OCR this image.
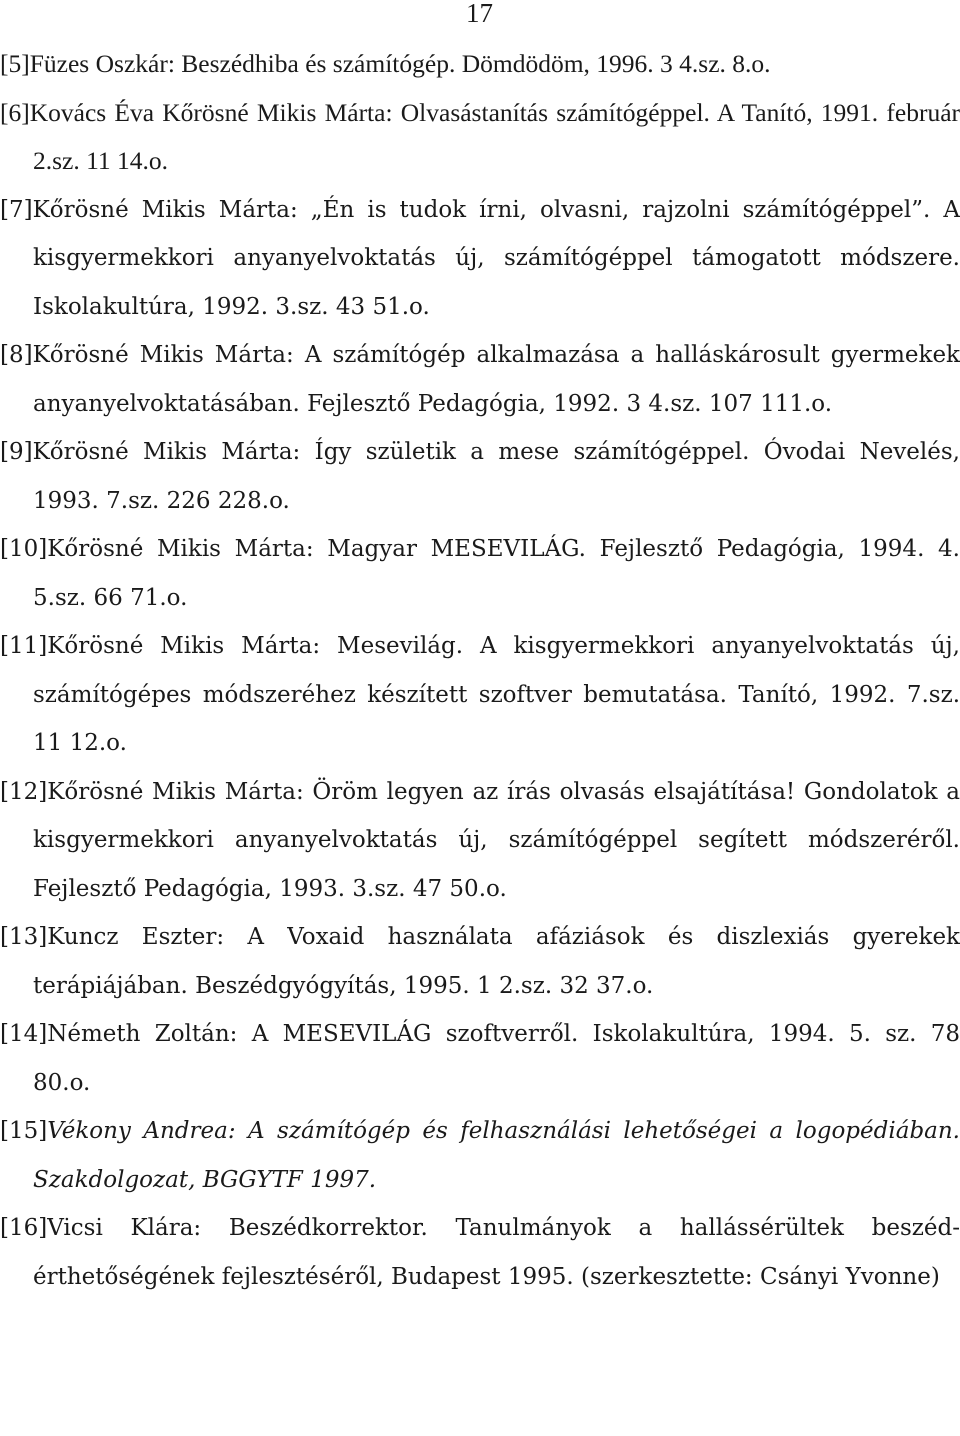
17
[5]Füzes Oszkár: Beszédhiba és számítógép. Dömdödöm, 1996. 3 4.sz. 8.o.
[6]Kovács Éva Kőrösné Mikis Márta: Olvasástanítás számítógéppel. A Tanító, 1991. február 2.sz. 11 14.o.
[7]Kőrösné Mikis Márta: „Én is tudok írni, olvasni, rajzolni számítógéppel”. A kisgyermekkori anyanyelvoktatás új, számítógéppel támogatott módszere. Iskolakultúra, 1992. 3.sz. 43 51.o.
[8]Kőrösné Mikis Márta: A számítógép alkalmazása a halláskárosult gyermekek anyanyelvoktatásában. Fejlesztő Pedagógia, 1992. 3 4.sz. 107 111.o.
[9]Kőrösné Mikis Márta: Így születik a mese számítógéppel. Óvodai Nevelés, 1993. 7.sz. 226 228.o.
[10]Kőrösné Mikis Márta: Magyar MESEVILÁG. Fejlesztő Pedagógia, 1994. 4. 5.sz. 66 71.o.
[11]Kőrösné Mikis Márta: Mesevilág. A kisgyermekkori anyanyelvoktatás új, számítógépes módszeréhez készített szoftver bemutatása. Tanító, 1992. 7.sz. 11 12.o.
[12]Kőrösné Mikis Márta: Öröm legyen az írás olvasás elsajátítása! Gondolatok a kisgyermekkori anyanyelvoktatás új, számítógéppel segített módszeréről. Fejlesztő Pedagógia, 1993. 3.sz. 47 50.o.
[13]Kuncz Eszter: A Voxaid használata afáziások és diszlexiás gyerekek terápiájában. Beszédgyógyítás, 1995. 1 2.sz. 32 37.o.
[14]Németh Zoltán: A MESEVILÁG szoftverről. Iskolakultúra, 1994. 5. sz. 78 80.o.
[15]Vékony Andrea: A számítógép és felhasználási lehetőségei a logopédiában. Szakdolgozat, BGGYTF 1997.
[16]Vicsi Klára: Beszédkorrektor. Tanulmányok a hallássérültek beszédérthetőségének fejlesztéséről, Budapest 1995. (szerkesztette: Csányi Yvonne)
